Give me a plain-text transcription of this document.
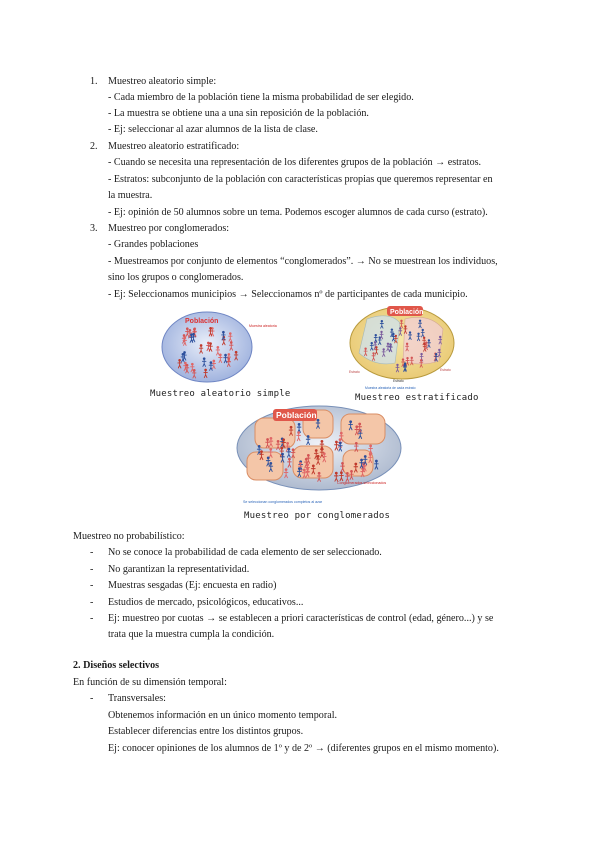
1. Muestreo aleatorio simple:
- Cada miembro de la población tiene la misma probabilidad de ser elegido.
- La muestra se obtiene una a una sin reposición de la población.
- Ej: seleccionar al azar alumnos de la lista de clase.
2. Muestreo aleatorio estratificado:
- Cuando se necesita una representación de los diferentes grupos de la población → estratos.
- Estratos: subconjunto de la población con características propias que queremos representar en
la muestra.
- Ej: opinión de 50 alumnos sobre un tema. Podemos escoger alumnos de cada curso (estrato).
3. Muestreo por conglomerados:
- Grandes poblaciones
- Muestreamos por conjunto de elementos “conglomerados”. → No se muestrean los individuos,
sino los grupos o conglomerados.
- Ej: Seleccionamos municipios → Seleccionamos nº de participantes de cada municipio.
Población
Muestra aleatoria
Muestreo aleatorio simple
Población
Estrato
Estrato
Estrato
Muestra aleatoria de cada estrato
Muestreo estratificado
Población
Conglomerados seleccionados
Se seleccionan conglomerados completos al azar
Muestreo por conglomerados
Muestreo no probabilístico:
- No se conoce la probabilidad de cada elemento de ser seleccionado.
- No garantizan la representatividad.
- Muestras sesgadas (Ej: encuesta en radio)
- Estudios de mercado, psicológicos, educativos...
- Ej: muestreo por cuotas → se establecen a priori características de control (edad, género...) y se
trata que la muestra cumpla la condición.
2. Diseños selectivos
En función de su dimensión temporal:
- Transversales:
Obtenemos información en un único momento temporal.
Establecer diferencias entre los distintos grupos.
Ej: conocer opiniones de los alumnos de 1º y de 2º → (diferentes grupos en el mismo momento).
